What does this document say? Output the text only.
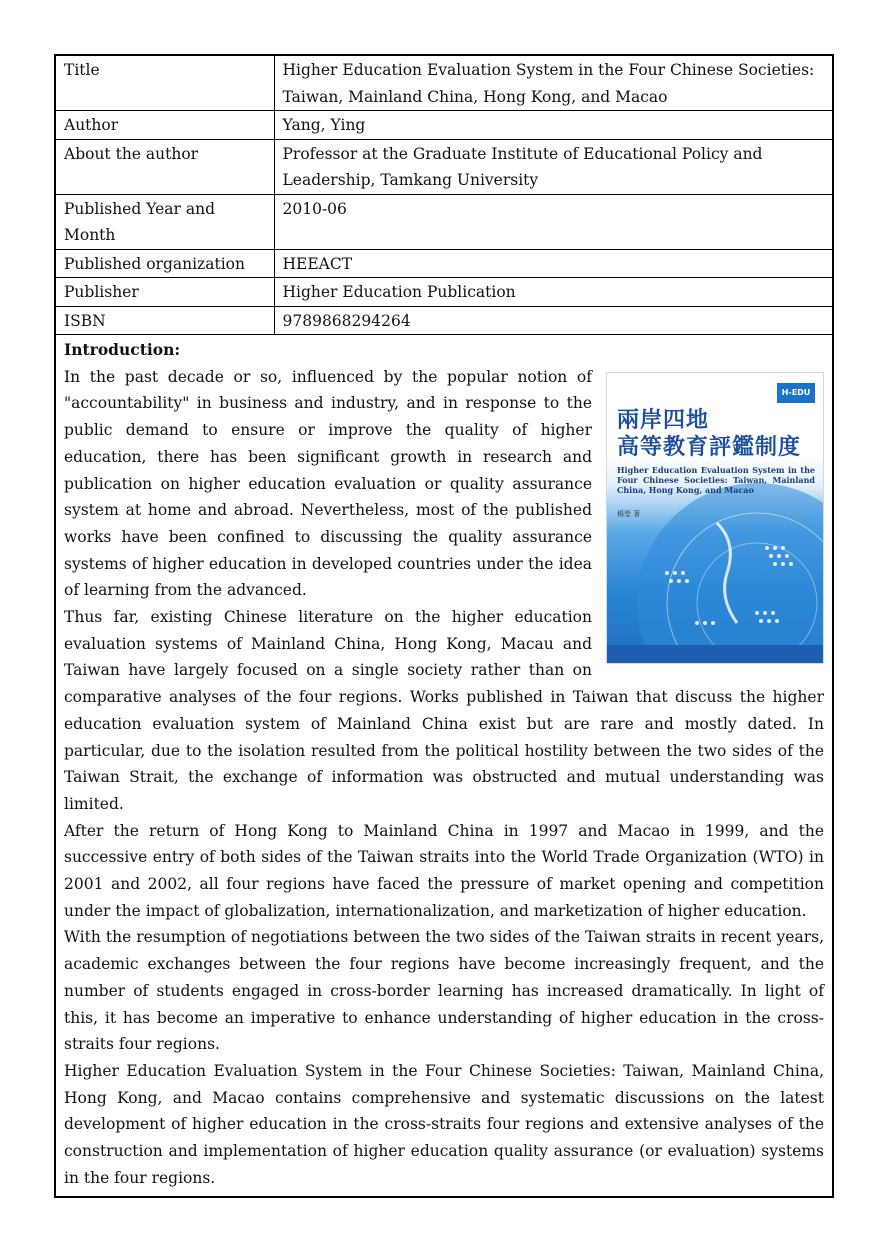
Title	Higher Education Evaluation System in the Four Chinese Societies: Taiwan, Mainland China, Hong Kong, and Macao
Author	Yang, Ying
About the author	Professor at the Graduate Institute of Educational Policy and Leadership, Tamkang University
Published Year and Month	2010-06
Published organization	HEEACT
Publisher	Higher Education Publication
ISBN	9789868294264
Introduction:
H-EDU
兩岸四地
高等教育評鑑制度
Higher Education Evaluation System in the Four Chinese Societies: Taiwan, Mainland China, Hong Kong, and Macao
楊瑩 著

In the past decade or so, influenced by the popular notion of "accountability" in business and industry, and in response to the public demand to ensure or improve the quality of higher education, there has been significant growth in research and publication on higher education evaluation or quality assurance system at home and abroad. Nevertheless, most of the published works have been confined to discussing the quality assurance systems of higher education in developed countries under the idea of learning from the advanced.

Thus far, existing Chinese literature on the higher education evaluation systems of Mainland China, Hong Kong, Macau and Taiwan have largely focused on a single society rather than on comparative analyses of the four regions. Works published in Taiwan that discuss the higher education evaluation system of Mainland China exist but are rare and mostly dated. In particular, due to the isolation resulted from the political hostility between the two sides of the Taiwan Strait, the exchange of information was obstructed and mutual understanding was limited.

After the return of Hong Kong to Mainland China in 1997 and Macao in 1999, and the successive entry of both sides of the Taiwan straits into the World Trade Organization (WTO) in 2001 and 2002, all four regions have faced the pressure of market opening and competition under the impact of globalization, internationalization, and marketization of higher education.

With the resumption of negotiations between the two sides of the Taiwan straits in recent years, academic exchanges between the four regions have become increasingly frequent, and the number of students engaged in cross-border learning has increased dramatically. In light of this, it has become an imperative to enhance understanding of higher education in the cross-straits four regions.

Higher Education Evaluation System in the Four Chinese Societies: Taiwan, Mainland China, Hong Kong, and Macao contains comprehensive and systematic discussions on the latest development of higher education in the cross-straits four regions and extensive analyses of the construction and implementation of higher education quality assurance (or evaluation) systems in the four regions.
